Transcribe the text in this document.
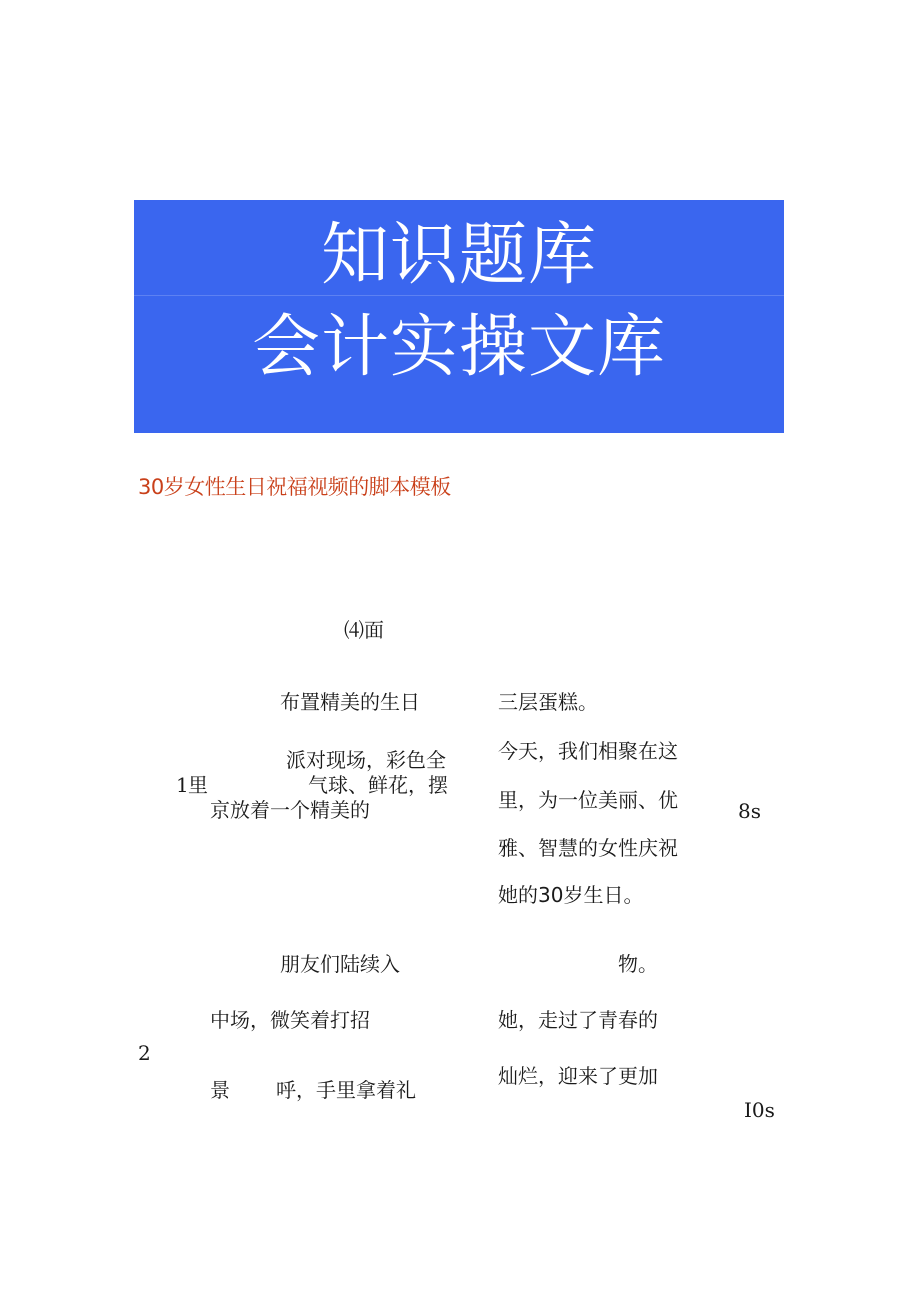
知识题库
会计实操文库
30岁女性生日祝福视频的脚本模板
⑷面
布置精美的生日
派对现场，彩色全
1 里	气球、鲜花，摆
京 放着一个精美的
三层蛋糕。
今天，我们相聚在这
里，为一位美丽、优
雅、智慧的女性庆祝
她的30岁生日。
8s
朋友们陆续入
中场，微笑着打招
2
景 呼，手里拿着礼
物。
她，走过了青春的
灿烂，迎来了更加
I0s
